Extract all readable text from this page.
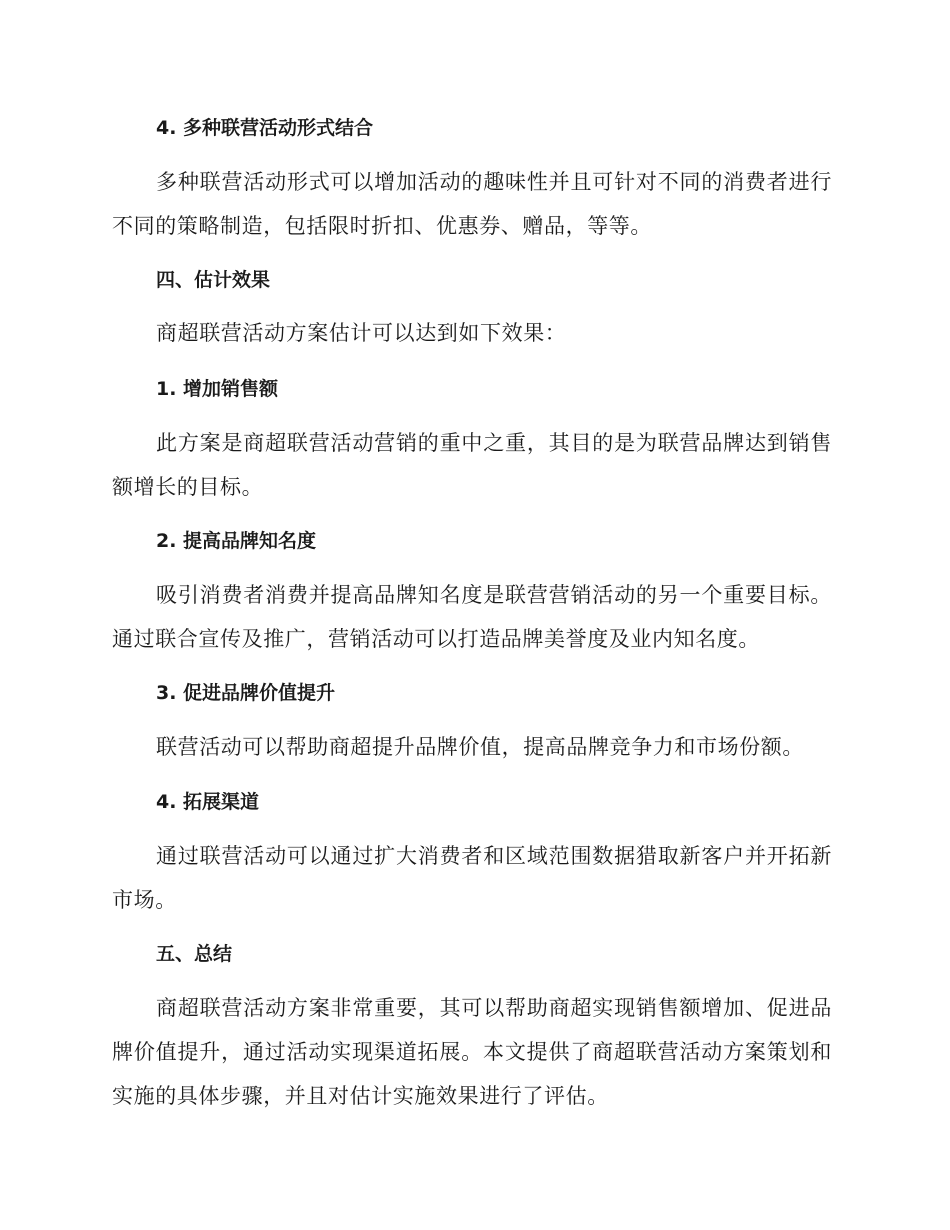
4. 多种联营活动形式结合
多种联营活动形式可以增加活动的趣味性并且可针对不同的消费者进行不同的策略制造，包括限时折扣、优惠券、赠品，等等。
四、估计效果
商超联营活动方案估计可以达到如下效果：
1. 增加销售额
此方案是商超联营活动营销的重中之重，其目的是为联营品牌达到销售额增长的目标。
2. 提高品牌知名度
吸引消费者消费并提高品牌知名度是联营营销活动的另一个重要目标。通过联合宣传及推广，营销活动可以打造品牌美誉度及业内知名度。
3. 促进品牌价值提升
联营活动可以帮助商超提升品牌价值，提高品牌竞争力和市场份额。
4. 拓展渠道
通过联营活动可以通过扩大消费者和区域范围数据猎取新客户并开拓新市场。
五、总结
商超联营活动方案非常重要，其可以帮助商超实现销售额增加、促进品牌价值提升，通过活动实现渠道拓展。本文提供了商超联营活动方案策划和实施的具体步骤，并且对估计实施效果进行了评估。
